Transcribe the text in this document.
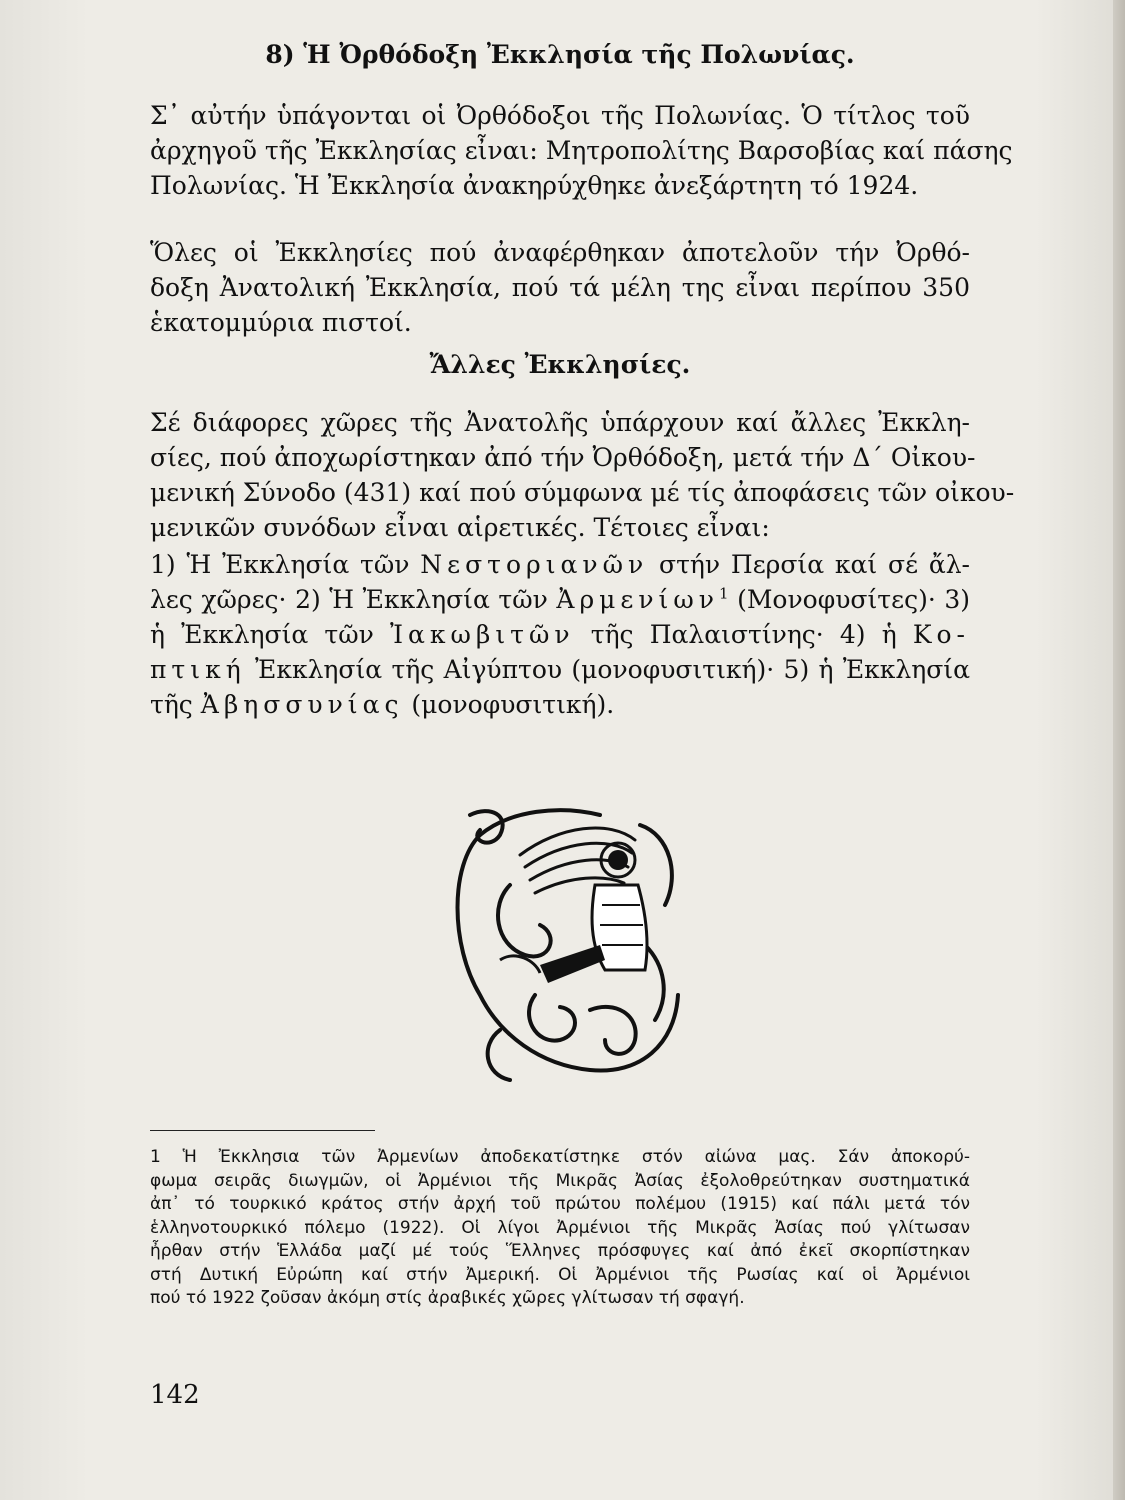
8) Ἡ Ὀρθόδοξη Ἐκκλησία τῆς Πολωνίας.
Σ᾽ αὐτήν ὑπάγονται οἱ Ὀρθόδοξοι τῆς Πολωνίας. Ὁ τίτλος τοῦ
ἀρχηγοῦ τῆς Ἐκκλησίας εἶναι: Μητροπολίτης Βαρσοβίας καί πάσης
Πολωνίας. Ἡ Ἐκκλησία ἀνακηρύχθηκε ἀνεξάρτητη τό 1924.
Ὅλες οἱ Ἐκκλησίες πού ἀναφέρθηκαν ἀποτελοῦν τήν Ὀρθό-
δοξη Ἀνατολική Ἐκκλησία, πού τά μέλη της εἶναι περίπου 350
ἑκατομμύρια πιστοί.
Ἄλλες Ἐκκλησίες.
Σέ διάφορες χῶρες τῆς Ἀνατολῆς ὑπάρχουν καί ἄλλες Ἐκκλη-
σίες, πού ἀποχωρίστηκαν ἀπό τήν Ὀρθόδοξη, μετά τήν Δ΄ Οἰκου-
μενική Σύνοδο (431) καί πού σύμφωνα μέ τίς ἀποφάσεις τῶν οἰκου-
μενικῶν συνόδων εἶναι αἱρετικές. Τέτοιες εἶναι:
1) Ἡ Ἐκκλησία τῶν Νεστοριανῶν στήν Περσία καί σέ ἄλ-
λες χῶρες· 2) Ἡ Ἐκκλησία τῶν Ἀρμενίων$^1$ (Μονοφυσίτες)· 3)
ἡ Ἐκκλησία τῶν Ἰακωβιτῶν τῆς Παλαιστίνης· 4) ἡ Κο-
πτική Ἐκκλησία τῆς Αἰγύπτου (μονοφυσιτική)· 5) ἡ Ἐκκλησία
τῆς Ἀβησσυνίας (μονοφυσιτική).
1 Ἡ Ἐκκλησια τῶν Ἀρμενίων ἀποδεκατίστηκε στόν αἰώνα μας. Σάν ἀποκορύ-
φωμα σειρᾶς διωγμῶν, οἱ Ἀρμένιοι τῆς Μικρᾶς Ἀσίας ἐξολοθρεύτηκαν συστηματικά
ἀπ᾽ τό τουρκικό κράτος στήν ἀρχή τοῦ πρώτου πολέμου (1915) καί πάλι μετά τόν
ἑλληνοτουρκικό πόλεμο (1922). Οἱ λίγοι Ἀρμένιοι τῆς Μικρᾶς Ἀσίας πού γλίτωσαν
ἦρθαν στήν Ἑλλάδα μαζί μέ τούς Ἕλληνες πρόσφυγες καί ἀπό ἐκεῖ σκορπίστηκαν
στή Δυτική Εὐρώπη καί στήν Ἀμερική. Οἱ Ἀρμένιοι τῆς Ρωσίας καί οἱ Ἀρμένιοι
πού τό 1922 ζοῦσαν ἀκόμη στίς ἀραβικές χῶρες γλίτωσαν τή σφαγή.
142
